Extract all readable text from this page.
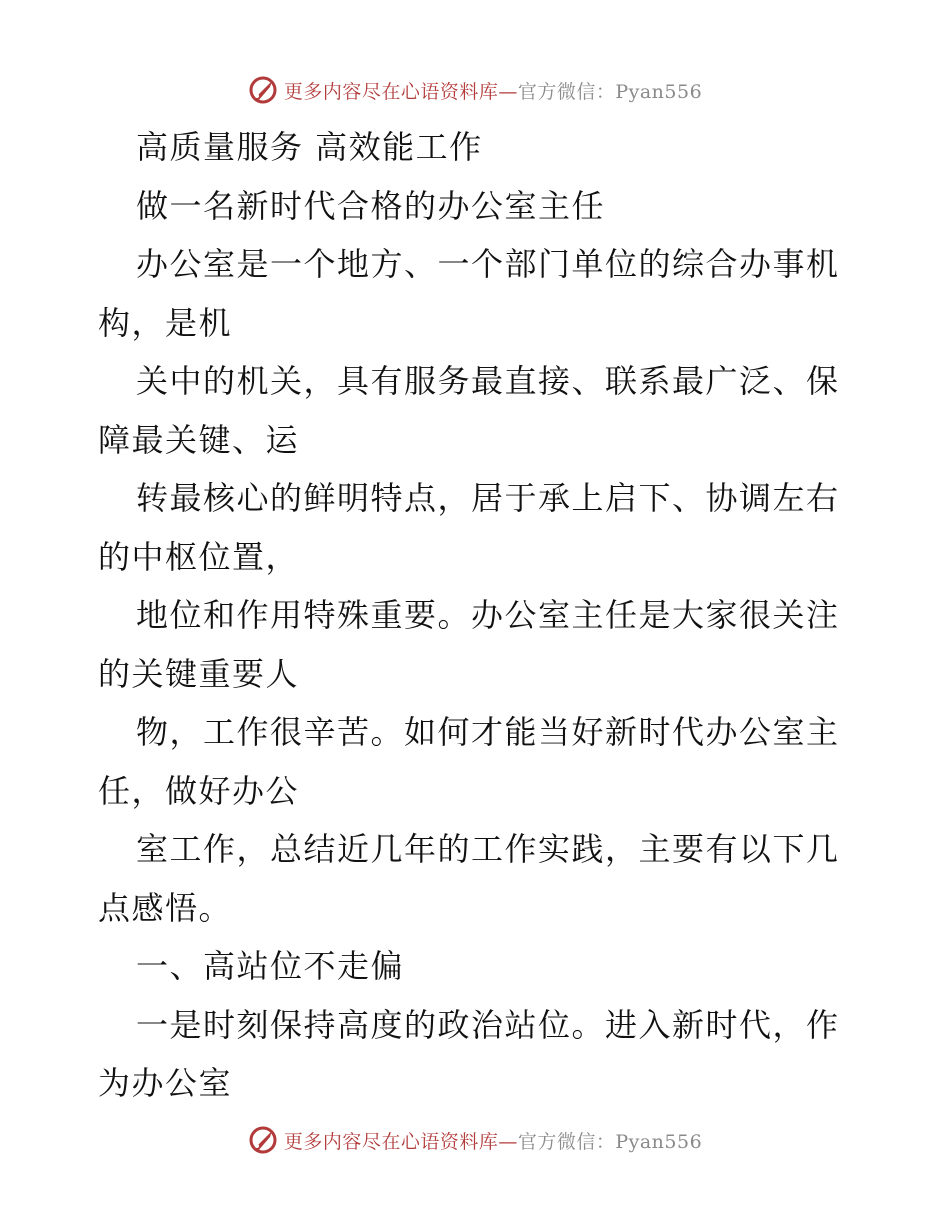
更多内容尽在心语资料库—官方微信：Pyan556
高质量服务 高效能工作
做一名新时代合格的办公室主任
办公室是一个地方、一个部门单位的综合办事机
构，是机
关中的机关，具有服务最直接、联系最广泛、保
障最关键、运
转最核心的鲜明特点，居于承上启下、协调左右
的中枢位置，
地位和作用特殊重要。办公室主任是大家很关注
的关键重要人
物，工作很辛苦。如何才能当好新时代办公室主
任，做好办公
室工作，总结近几年的工作实践，主要有以下几
点感悟。
一、高站位不走偏
一是时刻保持高度的政治站位。进入新时代，作
为办公室
更多内容尽在心语资料库—官方微信：Pyan556
